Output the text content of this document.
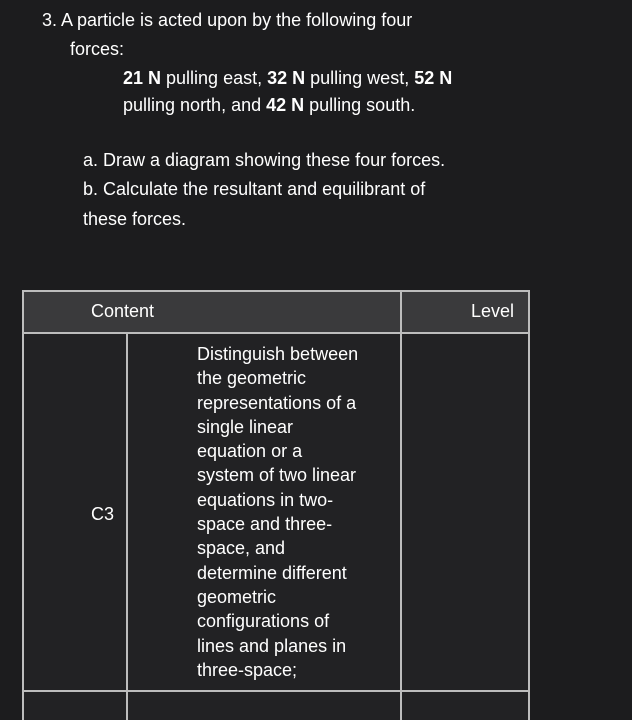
3. A particle is acted upon by the following four
forces:
21 N pulling east, 32 N pulling west, 52 N
pulling north, and 42 N pulling south.
a. Draw a diagram showing these four forces.
b. Calculate the resultant and equilibrant of
these forces.
Content	Level
C3
Distinguish between
the geometric
representations of a
single linear
equation or a
system of two linear
equations in two-
space and three-
space, and
determine different
geometric
configurations of
lines and planes in
three-space;
